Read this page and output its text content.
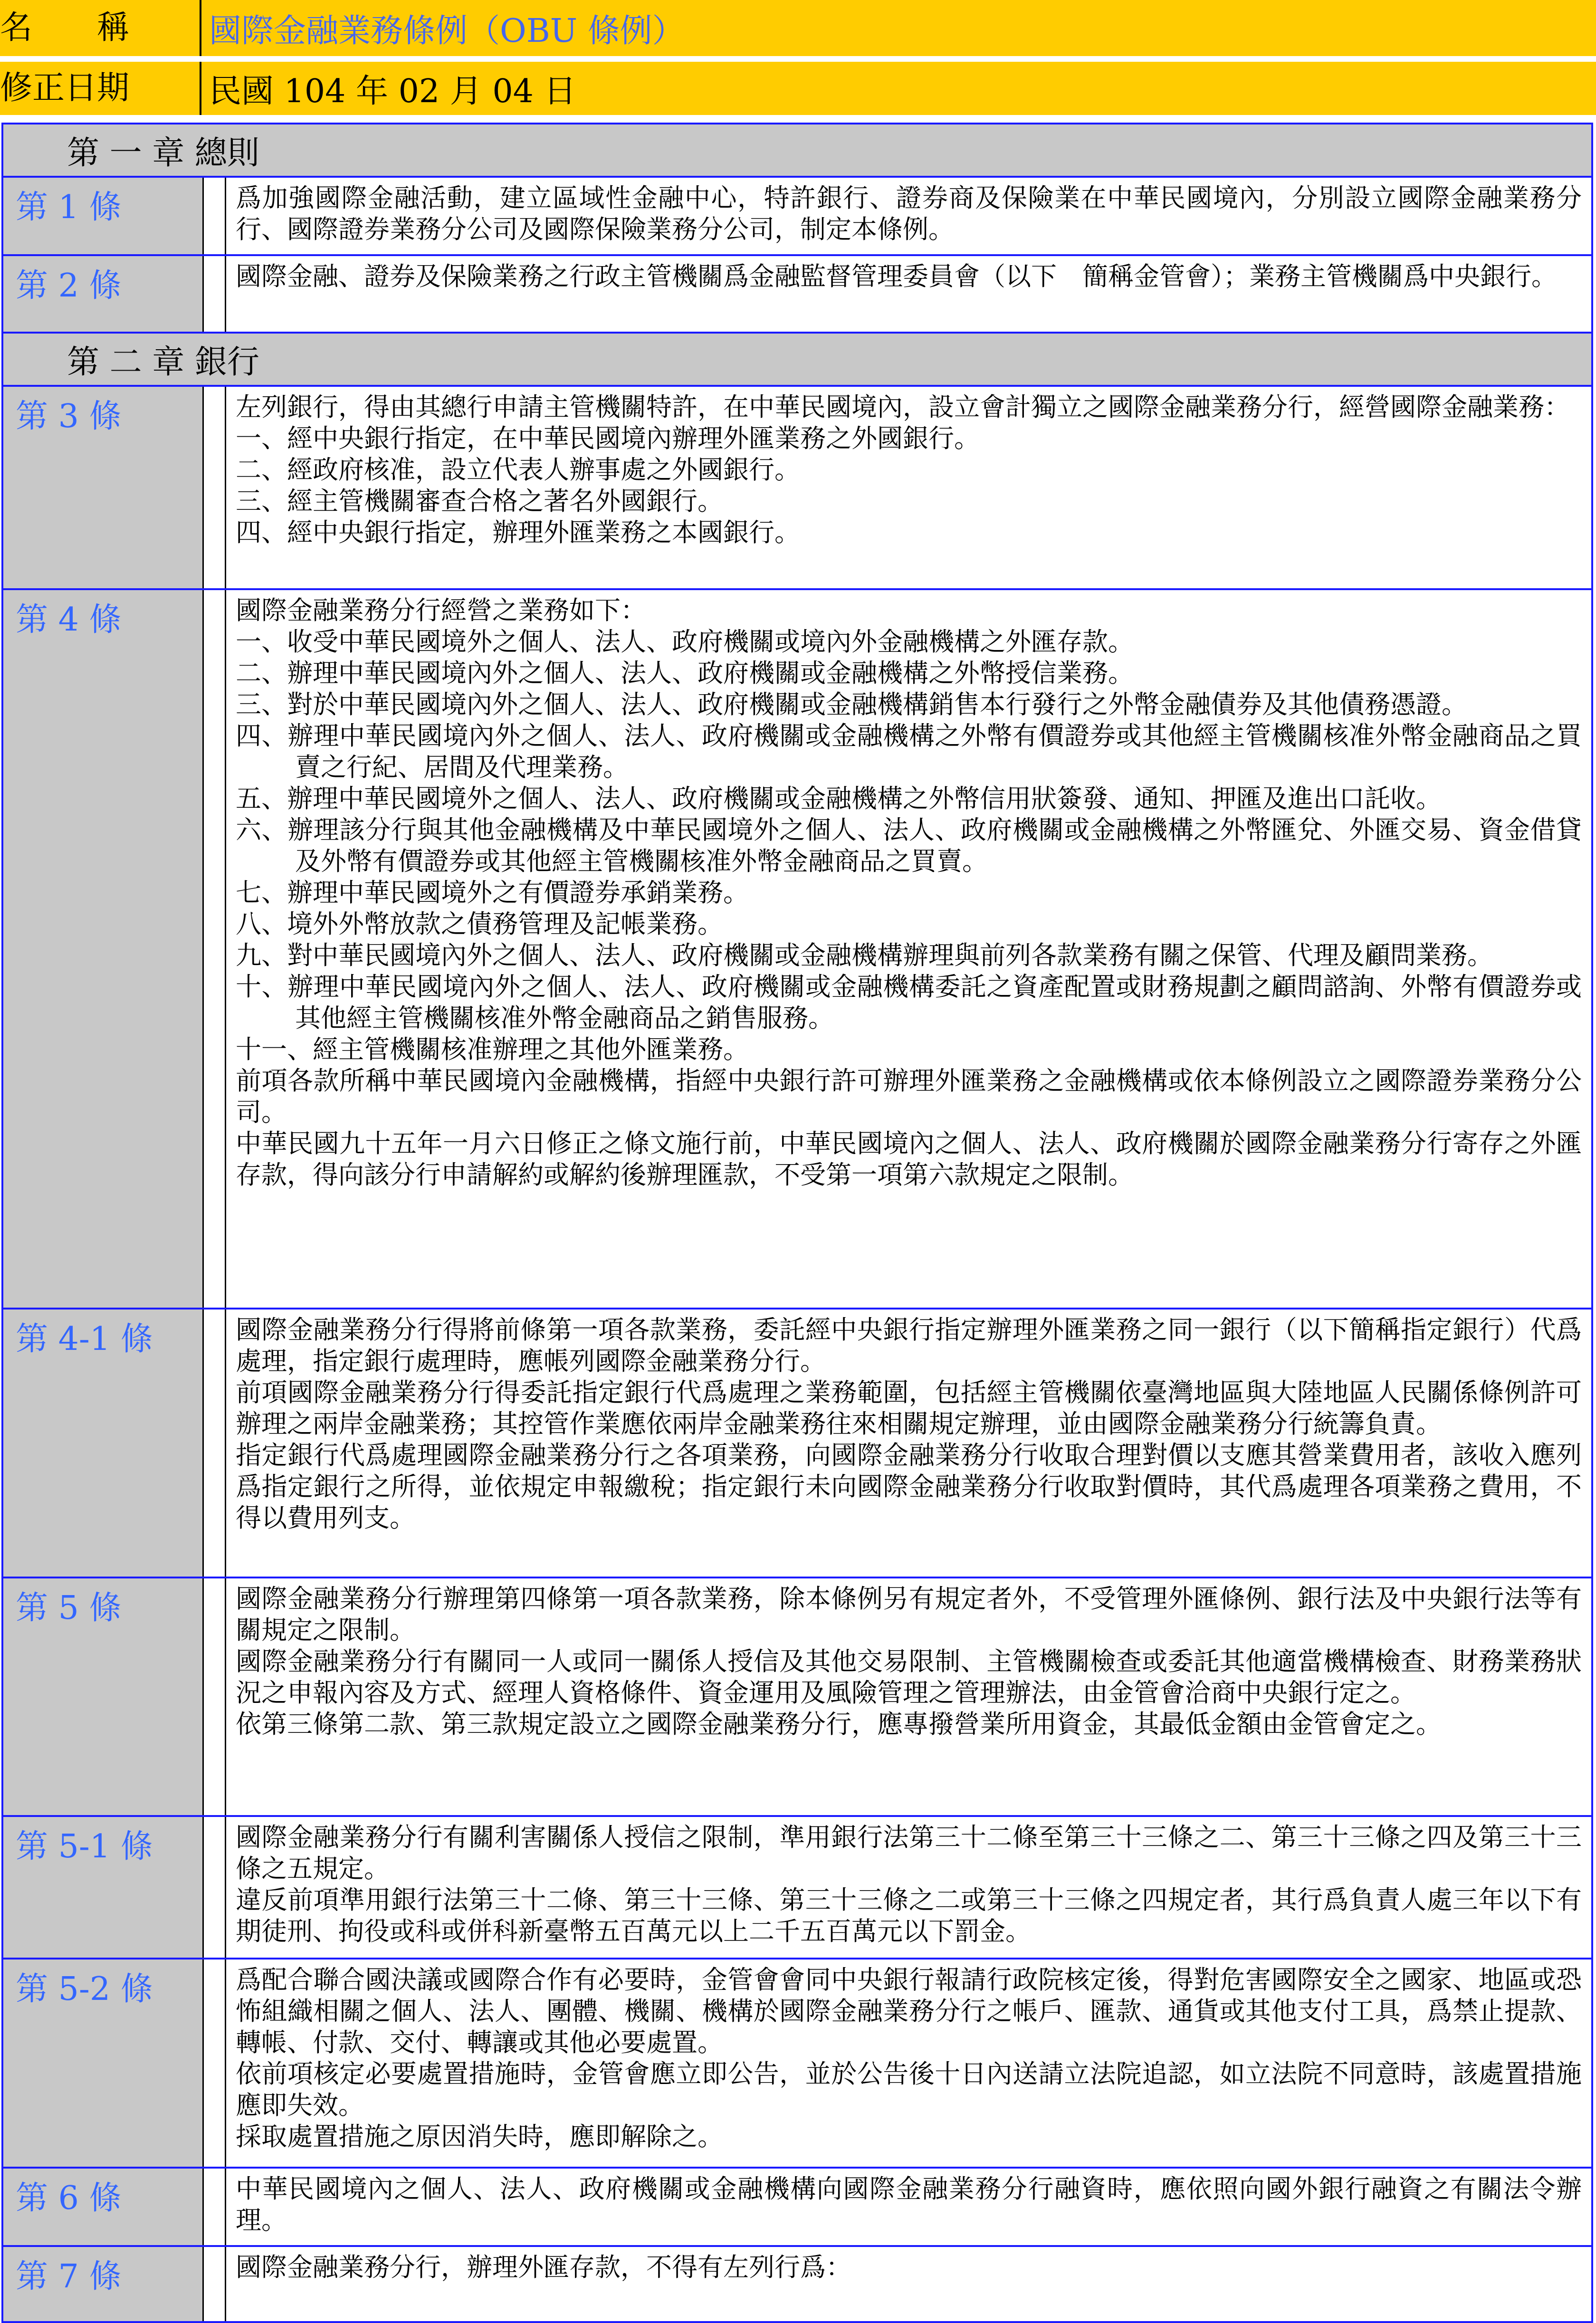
名　　稱	國際金融業務條例（OBU 條例）
修正日期	民國 104 年 02 月 04 日
第 一 章 總則
第 1 條	爲加強國際金融活動，建立區域性金融中心，特許銀行、證券商及保險業在中華民國境內，分別設立國際金融業務分行、國際證券業務分公司及國際保險業務分公司，制定本條例。

第 2 條	國際金融、證券及保險業務之行政主管機關爲金融監督管理委員會（以下　簡稱金管會）；業務主管機關爲中央銀行。

第 二 章 銀行
第 3 條	左列銀行，得由其總行申請主管機關特許，在中華民國境內，設立會計獨立之國際金融業務分行，經營國際金融業務：

一、經中央銀行指定，在中華民國境內辦理外匯業務之外國銀行。

二、經政府核准，設立代表人辦事處之外國銀行。

三、經主管機關審查合格之著名外國銀行。

四、經中央銀行指定，辦理外匯業務之本國銀行。

第 4 條	國際金融業務分行經營之業務如下：

一、收受中華民國境外之個人、法人、政府機關或境內外金融機構之外匯存款。

二、辦理中華民國境內外之個人、法人、政府機關或金融機構之外幣授信業務。

三、對於中華民國境內外之個人、法人、政府機關或金融機構銷售本行發行之外幣金融債券及其他債務憑證。

四、辦理中華民國境內外之個人、法人、政府機關或金融機構之外幣有價證券或其他經主管機關核准外幣金融商品之買賣之行紀、居間及代理業務。

五、辦理中華民國境外之個人、法人、政府機關或金融機構之外幣信用狀簽發、通知、押匯及進出口託收。

六、辦理該分行與其他金融機構及中華民國境外之個人、法人、政府機關或金融機構之外幣匯兌、外匯交易、資金借貸及外幣有價證券或其他經主管機關核准外幣金融商品之買賣。

七、辦理中華民國境外之有價證券承銷業務。

八、境外外幣放款之債務管理及記帳業務。

九、對中華民國境內外之個人、法人、政府機關或金融機構辦理與前列各款業務有關之保管、代理及顧問業務。

十、辦理中華民國境內外之個人、法人、政府機關或金融機構委託之資產配置或財務規劃之顧問諮詢、外幣有價證券或其他經主管機關核准外幣金融商品之銷售服務。

十一、經主管機關核准辦理之其他外匯業務。

前項各款所稱中華民國境內金融機構，指經中央銀行許可辦理外匯業務之金融機構或依本條例設立之國際證券業務分公司。

中華民國九十五年一月六日修正之條文施行前，中華民國境內之個人、法人、政府機關於國際金融業務分行寄存之外匯存款，得向該分行申請解約或解約後辦理匯款，不受第一項第六款規定之限制。

第 4-1 條	國際金融業務分行得將前條第一項各款業務，委託經中央銀行指定辦理外匯業務之同一銀行（以下簡稱指定銀行）代爲處理，指定銀行處理時，應帳列國際金融業務分行。

前項國際金融業務分行得委託指定銀行代爲處理之業務範圍，包括經主管機關依臺灣地區與大陸地區人民關係條例許可辦理之兩岸金融業務；其控管作業應依兩岸金融業務往來相關規定辦理，並由國際金融業務分行統籌負責。

指定銀行代爲處理國際金融業務分行之各項業務，向國際金融業務分行收取合理對價以支應其營業費用者，該收入應列爲指定銀行之所得，並依規定申報繳稅；指定銀行未向國際金融業務分行收取對價時，其代爲處理各項業務之費用，不得以費用列支。

第 5 條	國際金融業務分行辦理第四條第一項各款業務，除本條例另有規定者外，不受管理外匯條例、銀行法及中央銀行法等有關規定之限制。

國際金融業務分行有關同一人或同一關係人授信及其他交易限制、主管機關檢查或委託其他適當機構檢查、財務業務狀況之申報內容及方式、經理人資格條件、資金運用及風險管理之管理辦法，由金管會洽商中央銀行定之。

依第三條第二款、第三款規定設立之國際金融業務分行，應專撥營業所用資金，其最低金額由金管會定之。

第 5-1 條	國際金融業務分行有關利害關係人授信之限制，準用銀行法第三十二條至第三十三條之二、第三十三條之四及第三十三條之五規定。

違反前項準用銀行法第三十二條、第三十三條、第三十三條之二或第三十三條之四規定者，其行爲負責人處三年以下有期徒刑、拘役或科或併科新臺幣五百萬元以上二千五百萬元以下罰金。

第 5-2 條	爲配合聯合國決議或國際合作有必要時，金管會會同中央銀行報請行政院核定後，得對危害國際安全之國家、地區或恐怖組織相關之個人、法人、團體、機關、機構於國際金融業務分行之帳戶、匯款、通貨或其他支付工具，爲禁止提款、轉帳、付款、交付、轉讓或其他必要處置。

依前項核定必要處置措施時，金管會應立即公告，並於公告後十日內送請立法院追認，如立法院不同意時，該處置措施應即失效。

採取處置措施之原因消失時，應即解除之。

第 6 條	中華民國境內之個人、法人、政府機關或金融機構向國際金融業務分行融資時，應依照向國外銀行融資之有關法令辦理。

第 7 條	國際金融業務分行，辦理外匯存款，不得有左列行爲：
